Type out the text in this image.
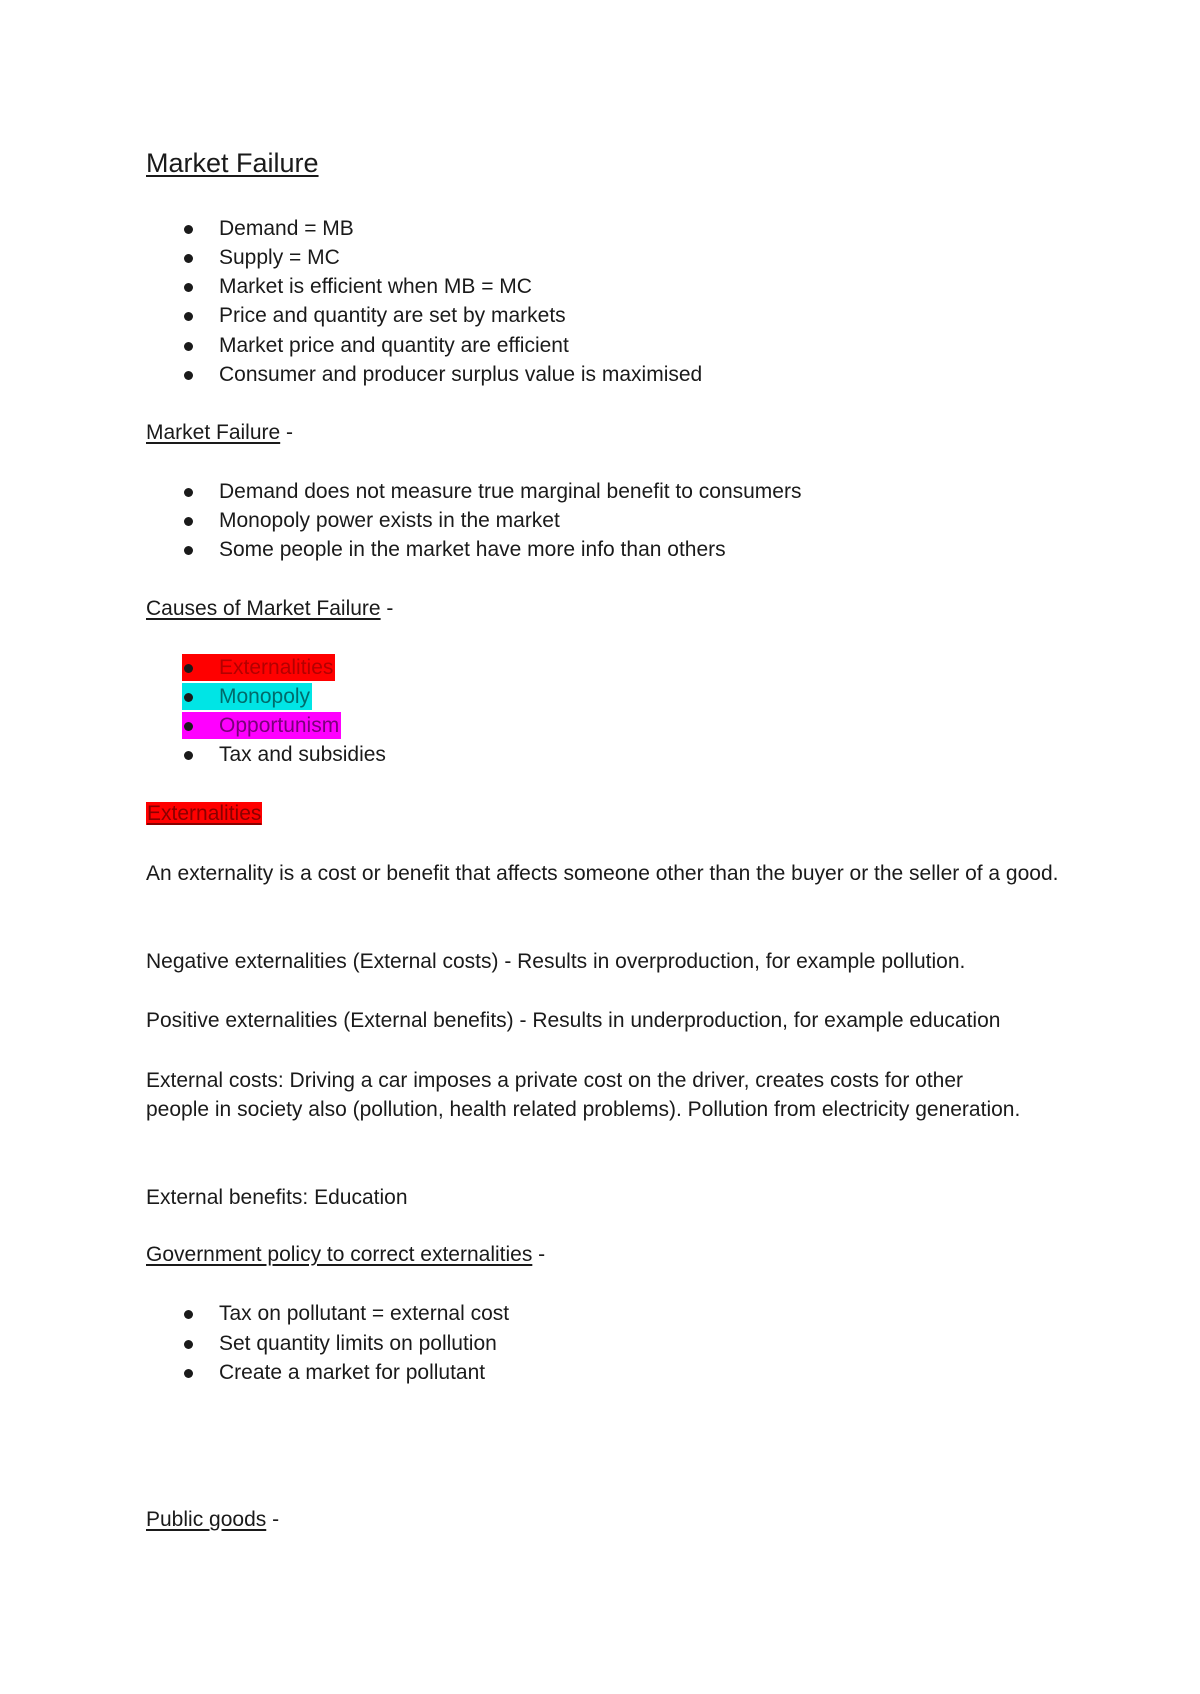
Market Failure
Demand = MB
Supply = MC
Market is efficient when MB = MC
Price and quantity are set by markets
Market price and quantity are efficient
Consumer and producer surplus value is maximised
Market Failure -
Demand does not measure true marginal benefit to consumers
Monopoly power exists in the market
Some people in the market have more info than others
Causes of Market Failure -
Externalities
Monopoly
Opportunism
Tax and subsidies
Externalities
An externality is a cost or benefit that affects someone other than the buyer or the seller of a good.
Negative externalities (External costs) - Results in overproduction, for example pollution.
Positive externalities (External benefits) - Results in underproduction, for example education
External costs: Driving a car imposes a private cost on the driver, creates costs for other people in society also (pollution, health related problems). Pollution from electricity generation.
External benefits: Education
Government policy to correct externalities -
Tax on pollutant = external cost
Set quantity limits on pollution
Create a market for pollutant
Public goods -
